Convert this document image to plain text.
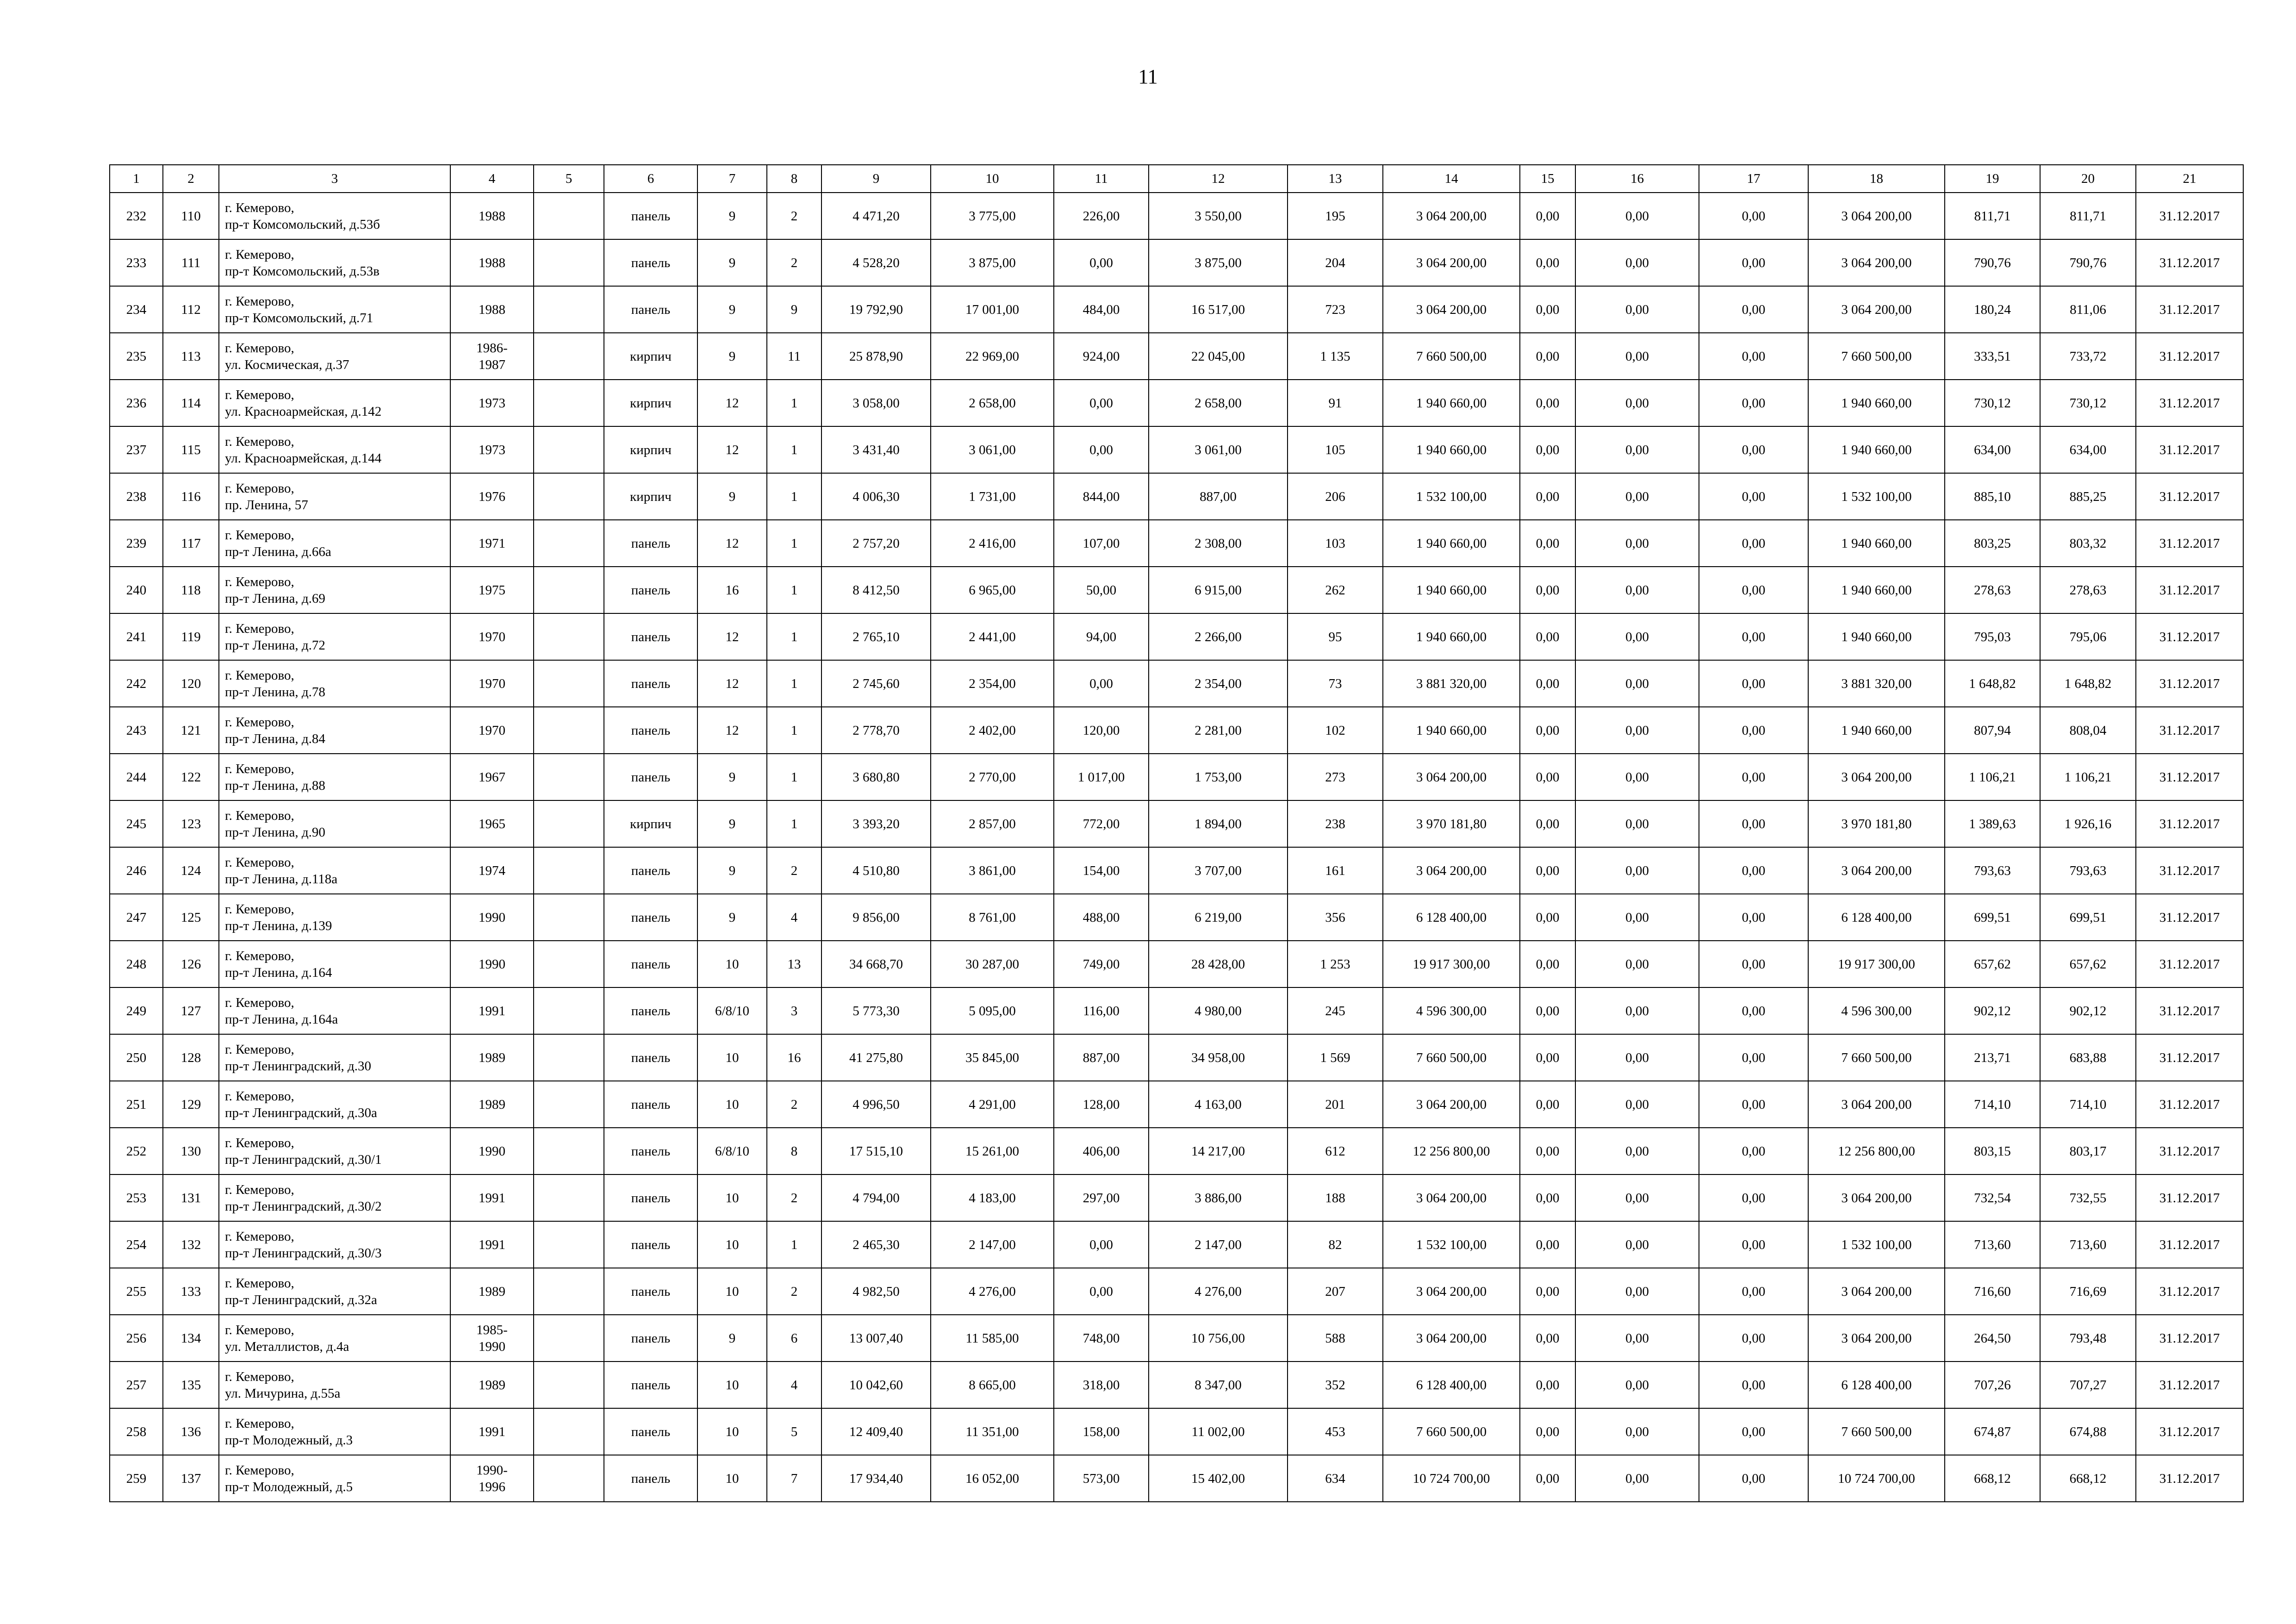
11
1	2	3	4	5	6	7	8	9	10	11	12	13	14	15	16	17	18	19	20	21
232	110	г. Кемерово,
пр-т Комсомольский, д.53б	1988		панель	9	2	4 471,20	3 775,00	226,00	3 550,00	195	3 064 200,00	0,00	0,00	0,00	3 064 200,00	811,71	811,71	31.12.2017
233	111	г. Кемерово,
пр-т Комсомольский, д.53в	1988		панель	9	2	4 528,20	3 875,00	0,00	3 875,00	204	3 064 200,00	0,00	0,00	0,00	3 064 200,00	790,76	790,76	31.12.2017
234	112	г. Кемерово,
пр-т Комсомольский, д.71	1988		панель	9	9	19 792,90	17 001,00	484,00	16 517,00	723	3 064 200,00	0,00	0,00	0,00	3 064 200,00	180,24	811,06	31.12.2017
235	113	г. Кемерово,
ул. Космическая, д.37	1986-
1987		кирпич	9	11	25 878,90	22 969,00	924,00	22 045,00	1 135	7 660 500,00	0,00	0,00	0,00	7 660 500,00	333,51	733,72	31.12.2017
236	114	г. Кемерово,
ул. Красноармейская, д.142	1973		кирпич	12	1	3 058,00	2 658,00	0,00	2 658,00	91	1 940 660,00	0,00	0,00	0,00	1 940 660,00	730,12	730,12	31.12.2017
237	115	г. Кемерово,
ул. Красноармейская, д.144	1973		кирпич	12	1	3 431,40	3 061,00	0,00	3 061,00	105	1 940 660,00	0,00	0,00	0,00	1 940 660,00	634,00	634,00	31.12.2017
238	116	г. Кемерово,
пр. Ленина, 57	1976		кирпич	9	1	4 006,30	1 731,00	844,00	887,00	206	1 532 100,00	0,00	0,00	0,00	1 532 100,00	885,10	885,25	31.12.2017
239	117	г. Кемерово,
пр-т Ленина, д.66а	1971		панель	12	1	2 757,20	2 416,00	107,00	2 308,00	103	1 940 660,00	0,00	0,00	0,00	1 940 660,00	803,25	803,32	31.12.2017
240	118	г. Кемерово,
пр-т Ленина, д.69	1975		панель	16	1	8 412,50	6 965,00	50,00	6 915,00	262	1 940 660,00	0,00	0,00	0,00	1 940 660,00	278,63	278,63	31.12.2017
241	119	г. Кемерово,
пр-т Ленина, д.72	1970		панель	12	1	2 765,10	2 441,00	94,00	2 266,00	95	1 940 660,00	0,00	0,00	0,00	1 940 660,00	795,03	795,06	31.12.2017
242	120	г. Кемерово,
пр-т Ленина, д.78	1970		панель	12	1	2 745,60	2 354,00	0,00	2 354,00	73	3 881 320,00	0,00	0,00	0,00	3 881 320,00	1 648,82	1 648,82	31.12.2017
243	121	г. Кемерово,
пр-т Ленина, д.84	1970		панель	12	1	2 778,70	2 402,00	120,00	2 281,00	102	1 940 660,00	0,00	0,00	0,00	1 940 660,00	807,94	808,04	31.12.2017
244	122	г. Кемерово,
пр-т Ленина, д.88	1967		панель	9	1	3 680,80	2 770,00	1 017,00	1 753,00	273	3 064 200,00	0,00	0,00	0,00	3 064 200,00	1 106,21	1 106,21	31.12.2017
245	123	г. Кемерово,
пр-т Ленина, д.90	1965		кирпич	9	1	3 393,20	2 857,00	772,00	1 894,00	238	3 970 181,80	0,00	0,00	0,00	3 970 181,80	1 389,63	1 926,16	31.12.2017
246	124	г. Кемерово,
пр-т Ленина, д.118а	1974		панель	9	2	4 510,80	3 861,00	154,00	3 707,00	161	3 064 200,00	0,00	0,00	0,00	3 064 200,00	793,63	793,63	31.12.2017
247	125	г. Кемерово,
пр-т Ленина, д.139	1990		панель	9	4	9 856,00	8 761,00	488,00	6 219,00	356	6 128 400,00	0,00	0,00	0,00	6 128 400,00	699,51	699,51	31.12.2017
248	126	г. Кемерово,
пр-т Ленина, д.164	1990		панель	10	13	34 668,70	30 287,00	749,00	28 428,00	1 253	19 917 300,00	0,00	0,00	0,00	19 917 300,00	657,62	657,62	31.12.2017
249	127	г. Кемерово,
пр-т Ленина, д.164а	1991		панель	6/8/10	3	5 773,30	5 095,00	116,00	4 980,00	245	4 596 300,00	0,00	0,00	0,00	4 596 300,00	902,12	902,12	31.12.2017
250	128	г. Кемерово,
пр-т Ленинградский, д.30	1989		панель	10	16	41 275,80	35 845,00	887,00	34 958,00	1 569	7 660 500,00	0,00	0,00	0,00	7 660 500,00	213,71	683,88	31.12.2017
251	129	г. Кемерово,
пр-т Ленинградский, д.30а	1989		панель	10	2	4 996,50	4 291,00	128,00	4 163,00	201	3 064 200,00	0,00	0,00	0,00	3 064 200,00	714,10	714,10	31.12.2017
252	130	г. Кемерово,
пр-т Ленинградский, д.30/1	1990		панель	6/8/10	8	17 515,10	15 261,00	406,00	14 217,00	612	12 256 800,00	0,00	0,00	0,00	12 256 800,00	803,15	803,17	31.12.2017
253	131	г. Кемерово,
пр-т Ленинградский, д.30/2	1991		панель	10	2	4 794,00	4 183,00	297,00	3 886,00	188	3 064 200,00	0,00	0,00	0,00	3 064 200,00	732,54	732,55	31.12.2017
254	132	г. Кемерово,
пр-т Ленинградский, д.30/3	1991		панель	10	1	2 465,30	2 147,00	0,00	2 147,00	82	1 532 100,00	0,00	0,00	0,00	1 532 100,00	713,60	713,60	31.12.2017
255	133	г. Кемерово,
пр-т Ленинградский, д.32а	1989		панель	10	2	4 982,50	4 276,00	0,00	4 276,00	207	3 064 200,00	0,00	0,00	0,00	3 064 200,00	716,60	716,69	31.12.2017
256	134	г. Кемерово,
ул. Металлистов, д.4а	1985-
1990		панель	9	6	13 007,40	11 585,00	748,00	10 756,00	588	3 064 200,00	0,00	0,00	0,00	3 064 200,00	264,50	793,48	31.12.2017
257	135	г. Кемерово,
ул. Мичурина, д.55а	1989		панель	10	4	10 042,60	8 665,00	318,00	8 347,00	352	6 128 400,00	0,00	0,00	0,00	6 128 400,00	707,26	707,27	31.12.2017
258	136	г. Кемерово,
пр-т Молодежный, д.3	1991		панель	10	5	12 409,40	11 351,00	158,00	11 002,00	453	7 660 500,00	0,00	0,00	0,00	7 660 500,00	674,87	674,88	31.12.2017
259	137	г. Кемерово,
пр-т Молодежный, д.5	1990-
1996		панель	10	7	17 934,40	16 052,00	573,00	15 402,00	634	10 724 700,00	0,00	0,00	0,00	10 724 700,00	668,12	668,12	31.12.2017
